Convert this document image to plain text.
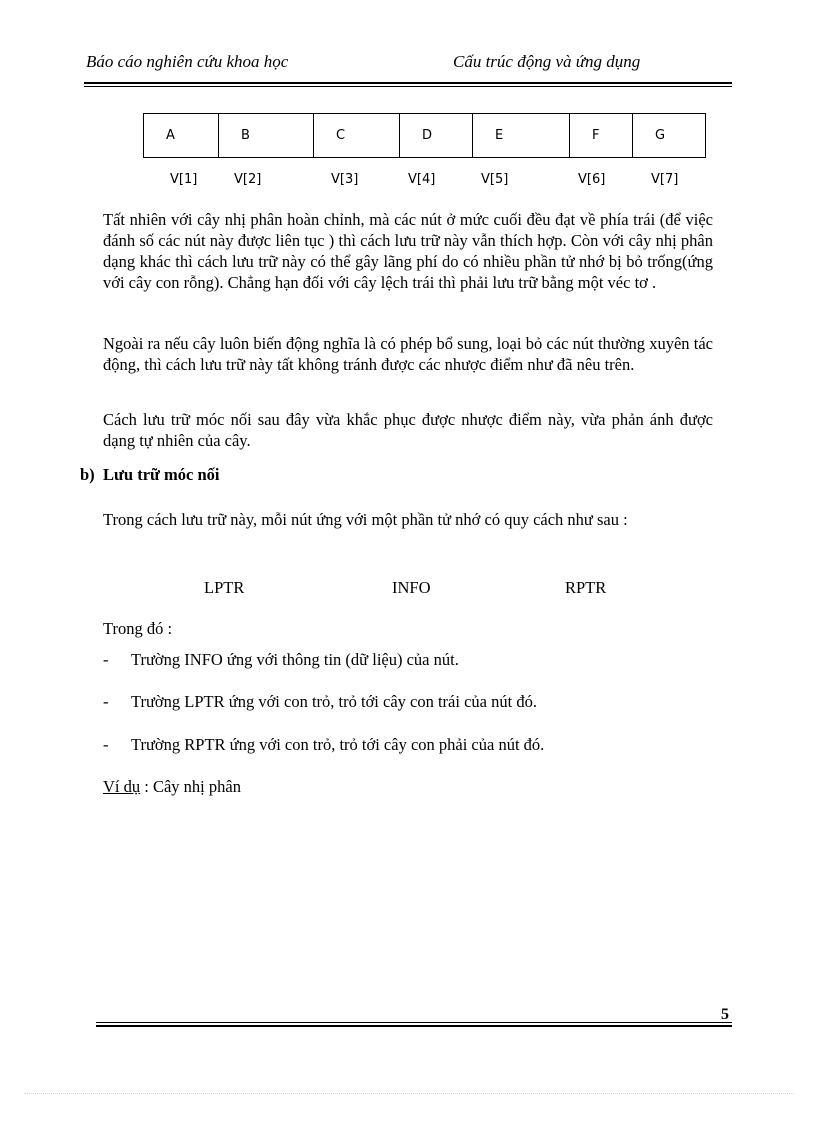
Báo cáo nghiên cứu khoa học	Cấu trúc động và ứng dụng
A	B	C	D	E	F	G
V[1]	V[2]	V[3]	V[4]	V[5]	V[6]	V[7]

Tất nhiên với cây nhị phân hoàn chỉnh, mà các nút ở mức cuối đều đạt về phía trái (để việc đánh số các nút này được liên tục ) thì cách lưu trữ này vẫn thích hợp. Còn với cây nhị phân dạng khác thì cách lưu trữ này có thể gây lãng phí do có nhiều phần tử nhớ bị bỏ trống(ứng với cây con rỗng). Chẳng hạn đối với cây lệch trái thì phải lưu trữ bằng một véc tơ .

Ngoài ra nếu cây luôn biến động nghĩa là có phép bổ sung, loại bỏ các nút thường xuyên tác động, thì cách lưu trữ này tất không tránh được các nhược điểm như đã nêu trên.

Cách lưu trữ móc nối sau đây vừa khắc phục được nhược điểm này, vừa phản ánh được dạng tự nhiên của cây.

b) Lưu trữ móc nối
Trong cách lưu trữ này, mỗi nút ứng với một phần tử nhớ có quy cách như sau :
LPTR	INFO	RPTR
Trong đó :
- Trường INFO ứng với thông tin (dữ liệu) của nút.
- Trường LPTR ứng với con trỏ, trỏ tới cây con trái của nút đó.
- Trường RPTR ứng với con trỏ, trỏ tới cây con phải của nút đó.
Ví dụ : Cây nhị phân
5
